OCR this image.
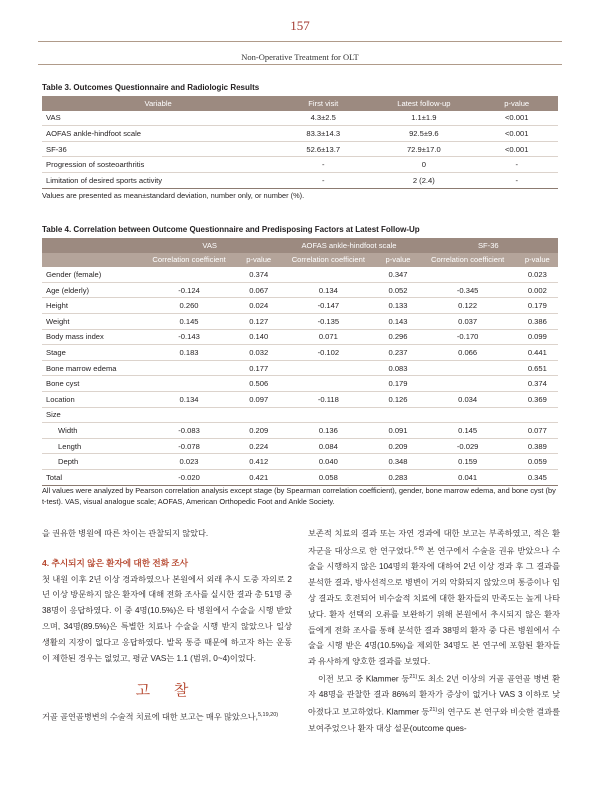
157
Non-Operative Treatment for OLT
Table 3. Outcomes Questionnaire and Radiologic Results
Variable	First visit	Latest follow-up	p-value
VAS	4.3±2.5	1.1±1.9	<0.001
AOFAS ankle-hindfoot scale	83.3±14.3	92.5±9.6	<0.001
SF-36	52.6±13.7	72.9±17.0	<0.001
Progression of sosteoarthritis	-	0	-
Limitation of desired sports activity	-	2 (2.4)	-
Values are presented as mean±standard deviation, number only, or number (%).
Table 4. Correlation between Outcome Questionnaire and Predisposing Factors at Latest Follow-Up
	VAS		AOFAS ankle-hindfoot scale		SF-36	
	Correlation coefficient	p-value	Correlation coefficient	p-value	Correlation coefficient	p-value
Gender (female)		0.374		0.347		0.023
Age (elderly)	-0.124	0.067	0.134	0.052	-0.345	0.002
Height	0.260	0.024	-0.147	0.133	0.122	0.179
Weight	0.145	0.127	-0.135	0.143	0.037	0.386
Body mass index	-0.143	0.140	0.071	0.296	-0.170	0.099
Stage	0.183	0.032	-0.102	0.237	0.066	0.441
Bone marrow edema		0.177		0.083		0.651
Bone cyst		0.506		0.179		0.374
Location	0.134	0.097	-0.118	0.126	0.034	0.369
Size						
Width	-0.083	0.209	0.136	0.091	0.145	0.077
Length	-0.078	0.224	0.084	0.209	-0.029	0.389
Depth	0.023	0.412	0.040	0.348	0.159	0.059
Total	-0.020	0.421	0.058	0.283	0.041	0.345
All values were analyzed by Pearson correlation analysis except stage (by Spearman correlation coefficient), gender, bone marrow edema, and bone cyst (by t-test). VAS, visual analogue scale; AOFAS, American Orthopedic Foot and Ankle Society.

을 권유한 병원에 따른 차이는 관찰되지 않았다.

4. 추시되지 않은 환자에 대한 전화 조사

첫 내원 이후 2년 이상 경과하였으나 본원에서 외래 추시 도중 자의로 2년 이상 방문하지 않은 환자에 대해 전화 조사를 실시한 결과 총 51명 중 38명이 응답하였다. 이 중 4명(10.5%)은 타 병원에서 수술을 시행 받았으며, 34명(89.5%)은 특별한 치료나 수술을 시행 받지 않았으나 일상 생활의 지장이 없다고 응답하였다. 발목 통증 때문에 하고자 하는 운동이 제한된 경우는 없었고, 평균 VAS는 1.1 (범위, 0~4)이었다.

고 찰

거골 골연골병변의 수술적 치료에 대한 보고는 매우 많았으나,$^{5,19,20)}$

보존적 치료의 결과 또는 자연 경과에 대한 보고는 부족하였고, 적은 환자군을 대상으로 한 연구였다.$^{6-8)}$ 본 연구에서 수술을 권유 받았으나 수술을 시행하지 않은 104명의 환자에 대하여 2년 이상 경과 후 그 결과를 분석한 결과, 방사선적으로 병변이 거의 악화되지 않았으며 통증이나 임상 결과도 호전되어 비수술적 치료에 대한 환자들의 만족도는 높게 나타났다. 환자 선택의 오류를 보완하기 위해 본원에서 추시되지 않은 환자들에게 전화 조사를 통해 분석한 결과 38명의 환자 중 다른 병원에서 수술을 시행 받은 4명(10.5%)을 제외한 34명도 본 연구에 포함된 환자들과 유사하게 양호한 결과를 보였다.

이전 보고 중 Klammer 등$^{21)}$도 최소 2년 이상의 거골 골연골 병변 환자 48명을 관찰한 결과 86%의 환자가 증상이 없거나 VAS 3 이하로 낮아졌다고 보고하였다. Klammer 등$^{21)}$의 연구도 본 연구와 비슷한 결과를 보여주었으나 환자 대상 설문(outcome ques-
